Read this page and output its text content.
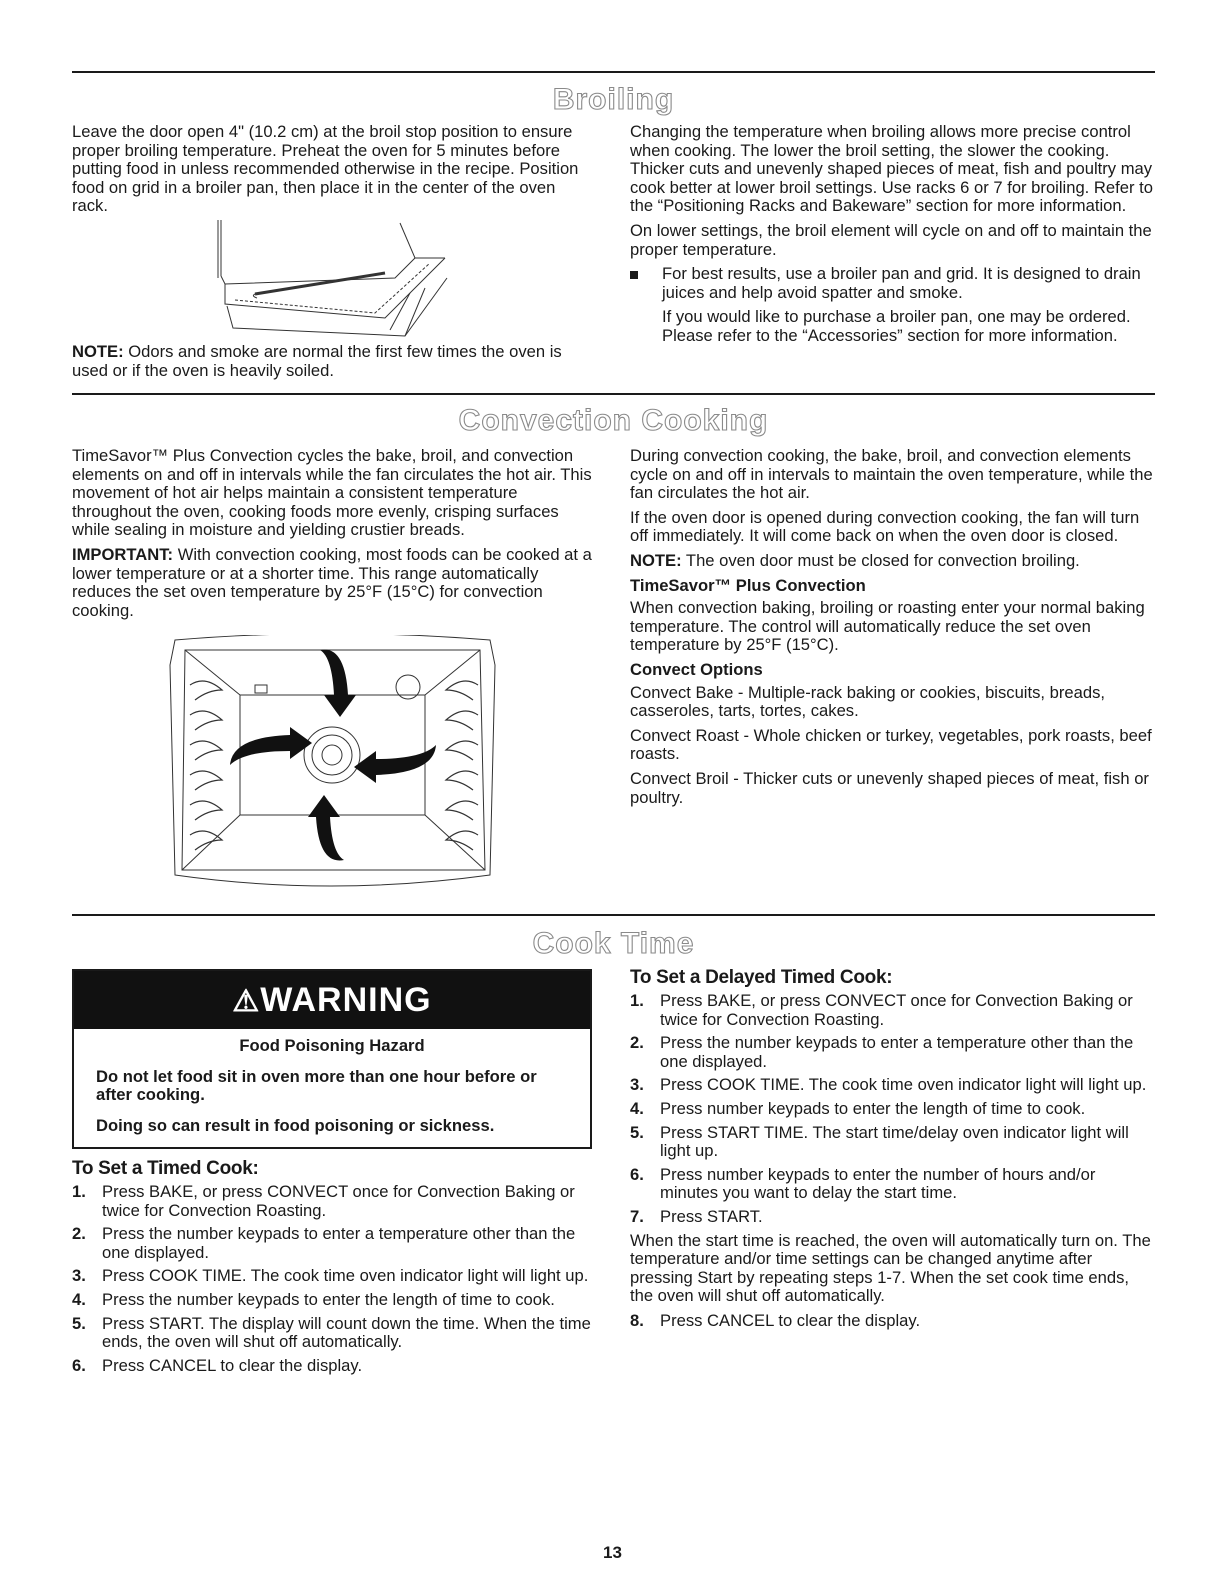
Broiling

Leave the door open 4" (10.2 cm) at the broil stop position to ensure proper broiling temperature. Preheat the oven for 5 minutes before putting food in unless recommended otherwise in the recipe. Position food on grid in a broiler pan, then place it in the center of the oven rack.

NOTE: Odors and smoke are normal the first few times the oven is used or if the oven is heavily soiled.

Changing the temperature when broiling allows more precise control when cooking. The lower the broil setting, the slower the cooking. Thicker cuts and unevenly shaped pieces of meat, fish and poultry may cook better at lower broil settings. Use racks 6 or 7 for broiling. Refer to the “Positioning Racks and Bakeware” section for more information.

On lower settings, the broil element will cycle on and off to maintain the proper temperature.

For best results, use a broiler pan and grid. It is designed to drain juices and help avoid spatter and smoke.

If you would like to purchase a broiler pan, one may be ordered. Please refer to the “Accessories” section for more information.

Convection Cooking

TimeSavor™ Plus Convection cycles the bake, broil, and convection elements on and off in intervals while the fan circulates the hot air. This movement of hot air helps maintain a consistent temperature throughout the oven, cooking foods more evenly, crisping surfaces while sealing in moisture and yielding crustier breads.

IMPORTANT: With convection cooking, most foods can be cooked at a lower temperature or at a shorter time. This range automatically reduces the set oven temperature by 25°F (15°C) for convection cooking.

During convection cooking, the bake, broil, and convection elements cycle on and off in intervals to maintain the oven temperature, while the fan circulates the hot air.

If the oven door is opened during convection cooking, the fan will turn off immediately. It will come back on when the oven door is closed.

NOTE: The oven door must be closed for convection broiling.

TimeSavor™ Plus Convection

When convection baking, broiling or roasting enter your normal baking temperature. The control will automatically reduce the set oven temperature by 25°F (15°C).

Convect Options

Convect Bake - Multiple-rack baking or cookies, biscuits, breads, casseroles, tarts, tortes, cakes.

Convect Roast - Whole chicken or turkey, vegetables, pork roasts, beef roasts.

Convect Broil - Thicker cuts or unevenly shaped pieces of meat, fish or poultry.

Cook Time
⚠WARNING
Food Poisoning Hazard

Do not let food sit in oven more than one hour before or after cooking.

Doing so can result in food poisoning or sickness.

To Set a Timed Cook:
1. Press BAKE, or press CONVECT once for Convection Baking or twice for Convection Roasting.
2. Press the number keypads to enter a temperature other than the one displayed.
3. Press COOK TIME. The cook time oven indicator light will light up.
4. Press the number keypads to enter the length of time to cook.
5. Press START. The display will count down the time. When the time ends, the oven will shut off automatically.
6. Press CANCEL to clear the display.
To Set a Delayed Timed Cook:
1. Press BAKE, or press CONVECT once for Convection Baking or twice for Convection Roasting.
2. Press the number keypads to enter a temperature other than the one displayed.
3. Press COOK TIME. The cook time oven indicator light will light up.
4. Press number keypads to enter the length of time to cook.
5. Press START TIME. The start time/delay oven indicator light will light up.
6. Press number keypads to enter the number of hours and/or minutes you want to delay the start time.
7. Press START.

When the start time is reached, the oven will automatically turn on. The temperature and/or time settings can be changed anytime after pressing Start by repeating steps 1-7. When the set cook time ends, the oven will shut off automatically.

8. Press CANCEL to clear the display.
13
